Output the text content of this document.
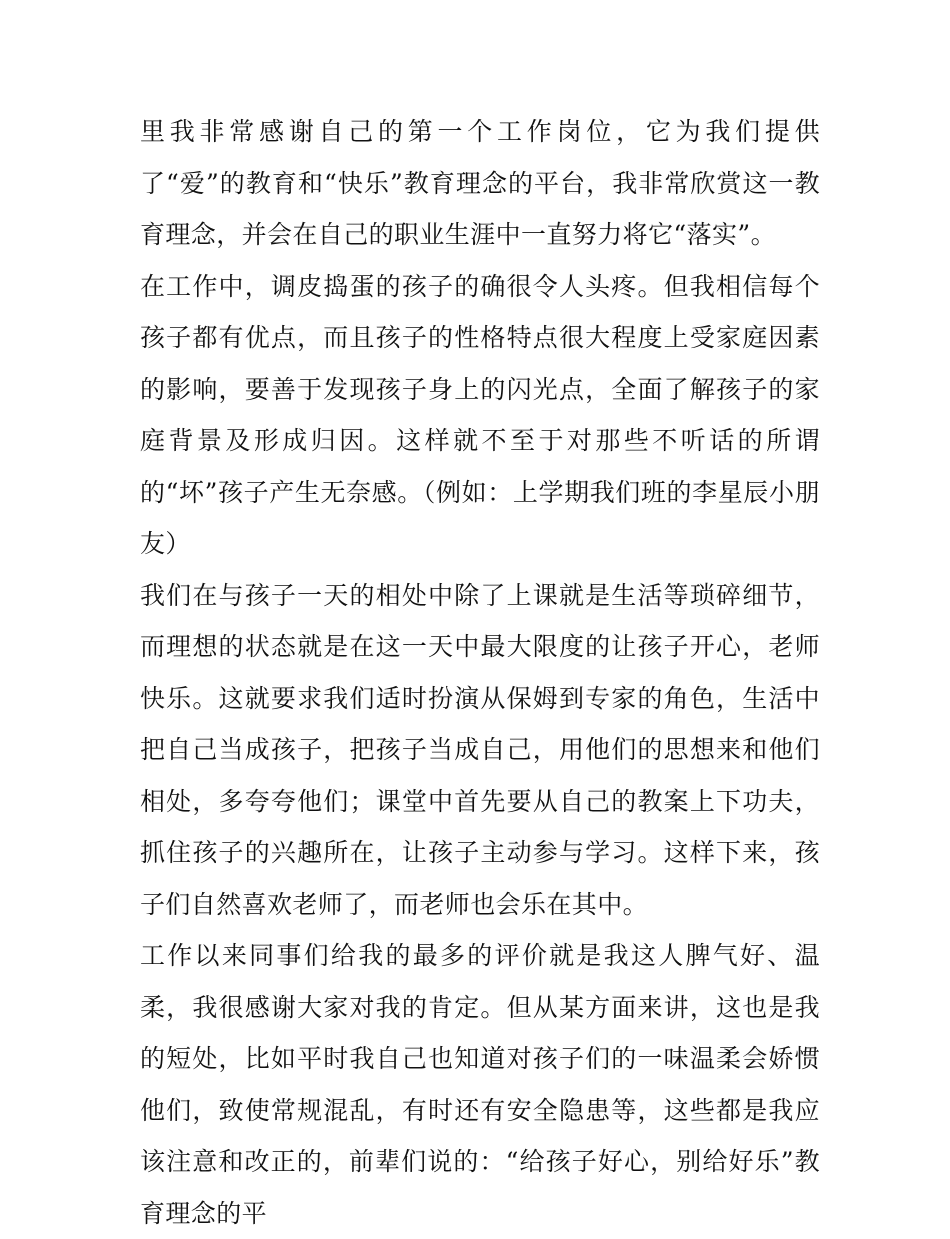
里我非常感谢自己的第一个工作岗位，它为我们提供了“爱”的教育和“快乐”教育理念的平台，我非常欣赏这一教育理念，并会在自己的职业生涯中一直努力将它“落实”。

在工作中，调皮捣蛋的孩子的确很令人头疼。但我相信每个孩子都有优点，而且孩子的性格特点很大程度上受家庭因素的影响，要善于发现孩子身上的闪光点，全面了解孩子的家庭背景及形成归因。这样就不至于对那些不听话的所谓的“坏”孩子产生无奈感。（例如：上学期我们班的李星辰小朋友）

我们在与孩子一天的相处中除了上课就是生活等琐碎细节，而理想的状态就是在这一天中最大限度的让孩子开心，老师快乐。这就要求我们适时扮演从保姆到专家的角色，生活中把自己当成孩子，把孩子当成自己，用他们的思想来和他们相处，多夸夸他们；课堂中首先要从自己的教案上下功夫，抓住孩子的兴趣所在，让孩子主动参与学习。这样下来，孩子们自然喜欢老师了，而老师也会乐在其中。

工作以来同事们给我的最多的评价就是我这人脾气好、温柔，我很感谢大家对我的肯定。但从某方面来讲，这也是我的短处，比如平时我自己也知道对孩子们的一味温柔会娇惯他们，致使常规混乱，有时还有安全隐患等，这些都是我应该注意和改正的，前辈们说的：“给孩子好心，别给好乐”教育理念的平
